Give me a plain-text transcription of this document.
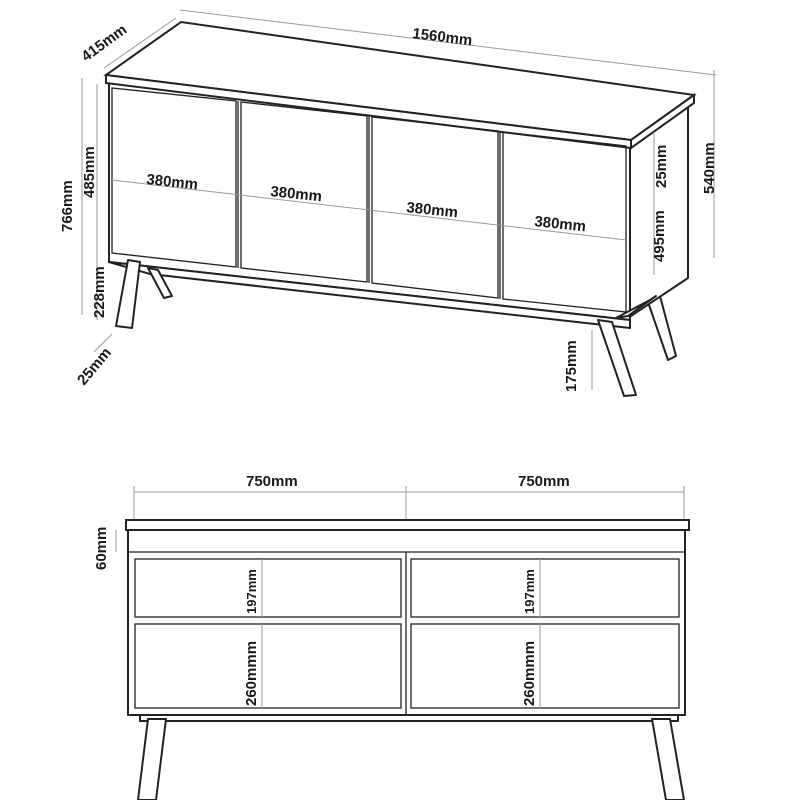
1560mm
415mm
766mm
485mm
228mm
25mm
380mm
380mm
380mm
380mm
25mm 540mm
495mm
175mm
750mm	750mm
60mm
197mm
260mmm
197mm
260mmm
